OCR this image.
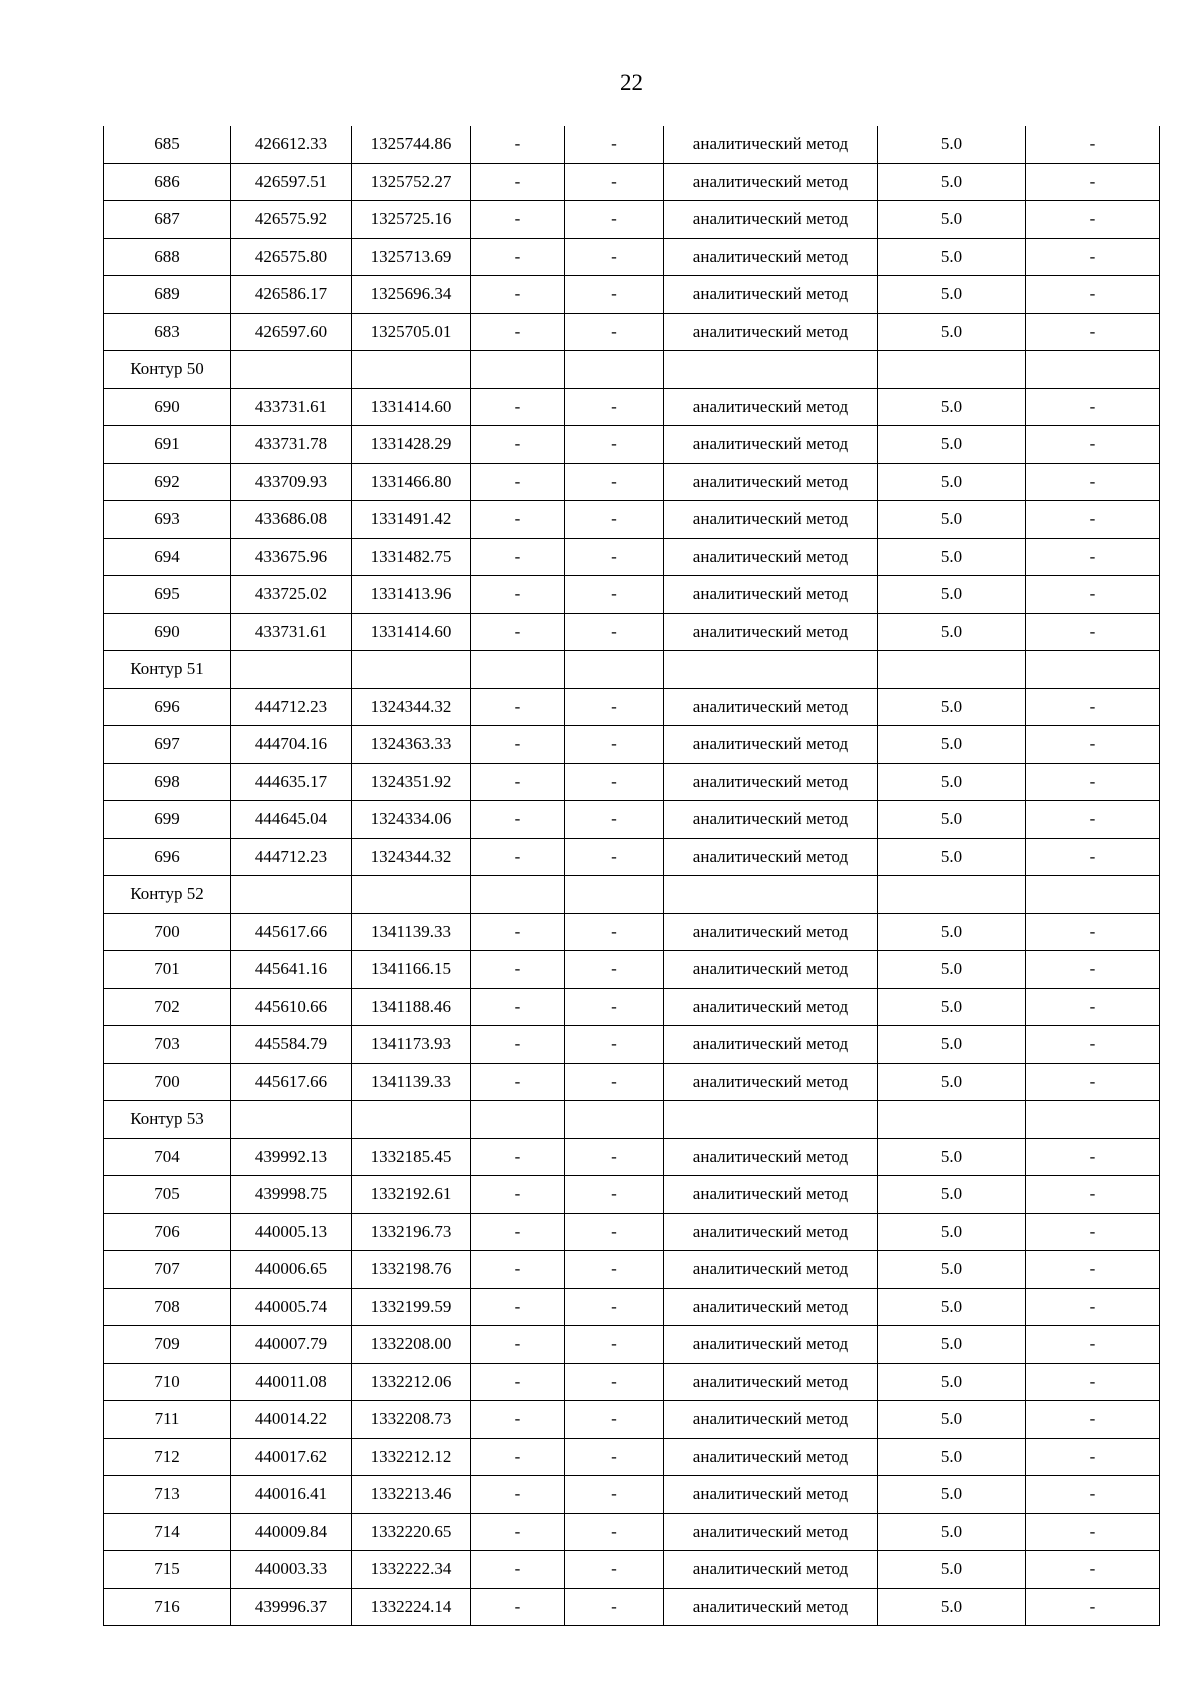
22
685	426612.33	1325744.86	-	-	аналитический метод	5.0	-
686	426597.51	1325752.27	-	-	аналитический метод	5.0	-
687	426575.92	1325725.16	-	-	аналитический метод	5.0	-
688	426575.80	1325713.69	-	-	аналитический метод	5.0	-
689	426586.17	1325696.34	-	-	аналитический метод	5.0	-
683	426597.60	1325705.01	-	-	аналитический метод	5.0	-
Контур 50							
690	433731.61	1331414.60	-	-	аналитический метод	5.0	-
691	433731.78	1331428.29	-	-	аналитический метод	5.0	-
692	433709.93	1331466.80	-	-	аналитический метод	5.0	-
693	433686.08	1331491.42	-	-	аналитический метод	5.0	-
694	433675.96	1331482.75	-	-	аналитический метод	5.0	-
695	433725.02	1331413.96	-	-	аналитический метод	5.0	-
690	433731.61	1331414.60	-	-	аналитический метод	5.0	-
Контур 51							
696	444712.23	1324344.32	-	-	аналитический метод	5.0	-
697	444704.16	1324363.33	-	-	аналитический метод	5.0	-
698	444635.17	1324351.92	-	-	аналитический метод	5.0	-
699	444645.04	1324334.06	-	-	аналитический метод	5.0	-
696	444712.23	1324344.32	-	-	аналитический метод	5.0	-
Контур 52							
700	445617.66	1341139.33	-	-	аналитический метод	5.0	-
701	445641.16	1341166.15	-	-	аналитический метод	5.0	-
702	445610.66	1341188.46	-	-	аналитический метод	5.0	-
703	445584.79	1341173.93	-	-	аналитический метод	5.0	-
700	445617.66	1341139.33	-	-	аналитический метод	5.0	-
Контур 53							
704	439992.13	1332185.45	-	-	аналитический метод	5.0	-
705	439998.75	1332192.61	-	-	аналитический метод	5.0	-
706	440005.13	1332196.73	-	-	аналитический метод	5.0	-
707	440006.65	1332198.76	-	-	аналитический метод	5.0	-
708	440005.74	1332199.59	-	-	аналитический метод	5.0	-
709	440007.79	1332208.00	-	-	аналитический метод	5.0	-
710	440011.08	1332212.06	-	-	аналитический метод	5.0	-
711	440014.22	1332208.73	-	-	аналитический метод	5.0	-
712	440017.62	1332212.12	-	-	аналитический метод	5.0	-
713	440016.41	1332213.46	-	-	аналитический метод	5.0	-
714	440009.84	1332220.65	-	-	аналитический метод	5.0	-
715	440003.33	1332222.34	-	-	аналитический метод	5.0	-
716	439996.37	1332224.14	-	-	аналитический метод	5.0	-
